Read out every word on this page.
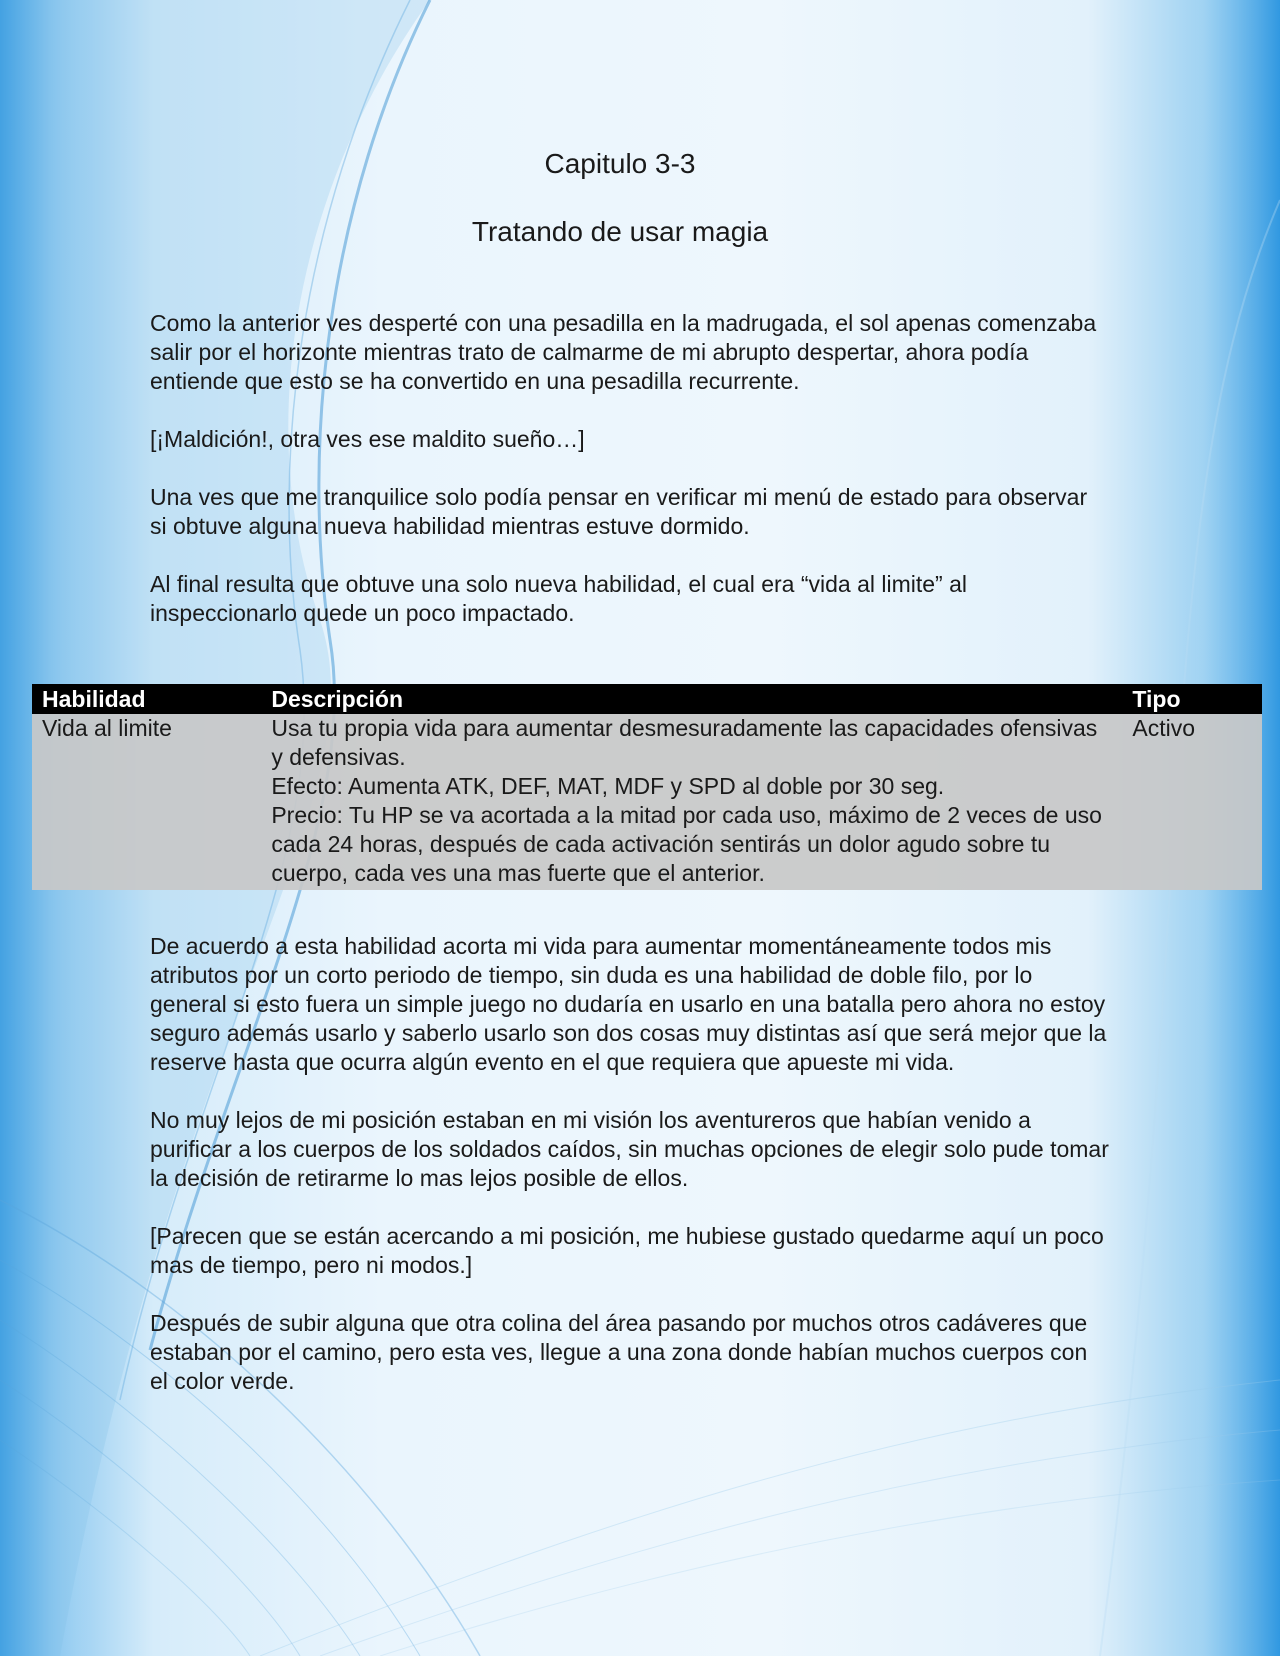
Capitulo 3-3
Tratando de usar magia

Como la anterior ves desperté con una pesadilla en la madrugada, el sol apenas comenzaba salir por el horizonte mientras trato de calmarme de mi abrupto despertar, ahora podía entiende que esto se ha convertido en una pesadilla recurrente.

[¡Maldición!, otra ves ese maldito sueño…]

Una ves que me tranquilice solo podía pensar en verificar mi menú de estado para observar si obtuve alguna nueva habilidad mientras estuve dormido.

Al final resulta que obtuve una solo nueva habilidad, el cual era “vida al limite” al inspeccionarlo quede un poco impactado.

Habilidad	Descripción	Tipo
Vida al limite	Usa tu propia vida para aumentar desmesuradamente las capacidades ofensivas y defensivas.
Efecto: Aumenta ATK, DEF, MAT, MDF y SPD al doble por 30 seg.
Precio: Tu HP se va acortada a la mitad por cada uso, máximo de 2 veces de uso cada 24 horas, después de cada activación sentirás un dolor agudo sobre tu cuerpo, cada ves una mas fuerte que el anterior.	Activo

De acuerdo a esta habilidad acorta mi vida para aumentar momentáneamente todos mis atributos por un corto periodo de tiempo, sin duda es una habilidad de doble filo, por lo general si esto fuera un simple juego no dudaría en usarlo en una batalla pero ahora no estoy seguro además usarlo y saberlo usarlo son dos cosas muy distintas así que será mejor que la reserve hasta que ocurra algún evento en el que requiera que apueste mi vida.

No muy lejos de mi posición estaban en mi visión los aventureros que habían venido a purificar a los cuerpos de los soldados caídos, sin muchas opciones de elegir solo pude tomar la decisión de retirarme lo mas lejos posible de ellos.

[Parecen que se están acercando a mi posición, me hubiese gustado quedarme aquí un poco mas de tiempo, pero ni modos.]

Después de subir alguna que otra colina del área pasando por muchos otros cadáveres que estaban por el camino, pero esta ves, llegue a una zona donde habían muchos cuerpos con el color verde.
